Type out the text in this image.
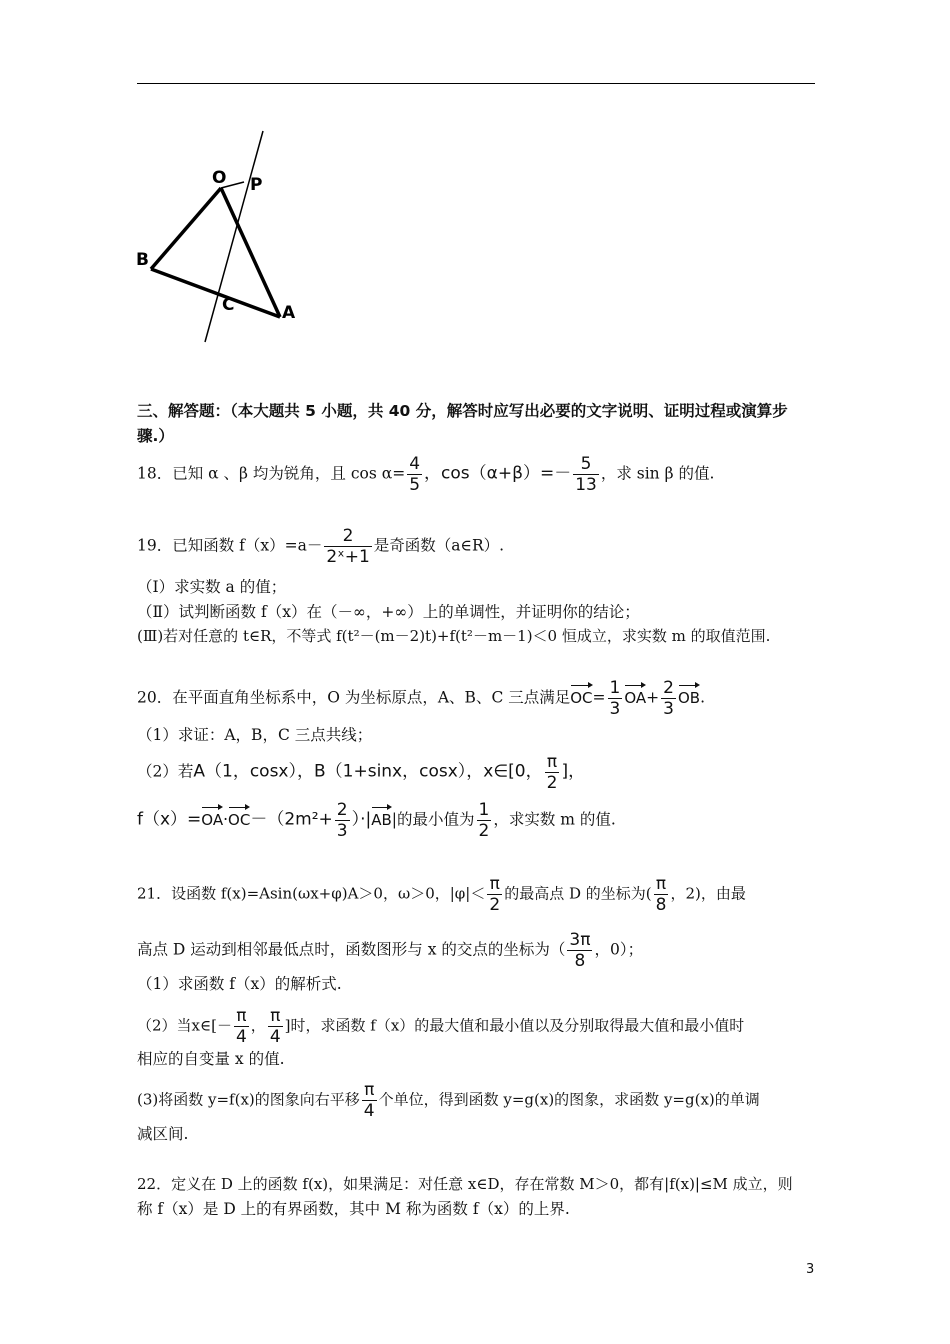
O P
B
C	A
三、解答题：（本大题共 5 小题，共 40 分，解答时应写出必要的文字说明、证明过程或演算步
骤.）
18．已知 α 、β 均为锐角，且 $\cos \alpha= \frac{4}{5}$ ，$\cos(\alpha+\beta)=- \frac{5}{13}$ ，求 sin β 的值.
19．已知函数 $f(x)=a- \frac{2}{\text{2ˣ+1}}$ 是奇函数（a∈R）.
（Ⅰ）求实数 a 的值；
（Ⅱ）试判断函数 f（x）在（－∞，+∞）上的单调性，并证明你的结论；
(Ⅲ)若对任意的 t∈R，不等式 f(t²－(m－2)t)+f(t²－m－1)＜0 恒成立，求实数 m 的取值范围.
20．在平面直角坐标系中，O 为坐标原点，A、B、C 三点满足$OC= \frac{1}{3} OA+ \frac{2}{3}$ OB.
（1）求证：A，B，C 三点共线；
（2）若A（1，cosx），B（1+sinx，cosx），x∈[0， $\frac{\pi}{2}$ ]，
$f(x)=OA\cdot OC-(2m^2+ \frac{2}{3} )\cdot|AB|$的最小值为 $\frac{1}{2}$ ，求实数 m 的值.
21．设函数 f(x)=Asin(ωx+φ)A＞0，ω＞0，$|\varphi|< \frac{\pi}{2}$ 的最高点 D 的坐标为( $\frac{\pi}{8}$ ，2)，由最
高点 D 运动到相邻最低点时，函数图形与 x 的交点的坐标为（ $\frac{3\pi}{8}$ ，0）；
（1）求函数 f（x）的解析式.
（2）当x∈[－ $\frac{\pi}{4}$ ， $\frac{\pi}{4}$ ]时，求函数 f（x）的最大值和最小值以及分别取得最大值和最小值时
相应的自变量 x 的值.
(3)将函数 y=f(x)的图象向右平移 $\frac{\pi}{4}$ 个单位，得到函数 y=g(x)的图象，求函数 y=g(x)的单调
减区间.
22．定义在 D 上的函数 f(x)，如果满足：对任意 x∈D，存在常数 M＞0，都有|f(x)|≤M 成立，则
称 f（x）是 D 上的有界函数，其中 M 称为函数 f（x）的上界.
3
